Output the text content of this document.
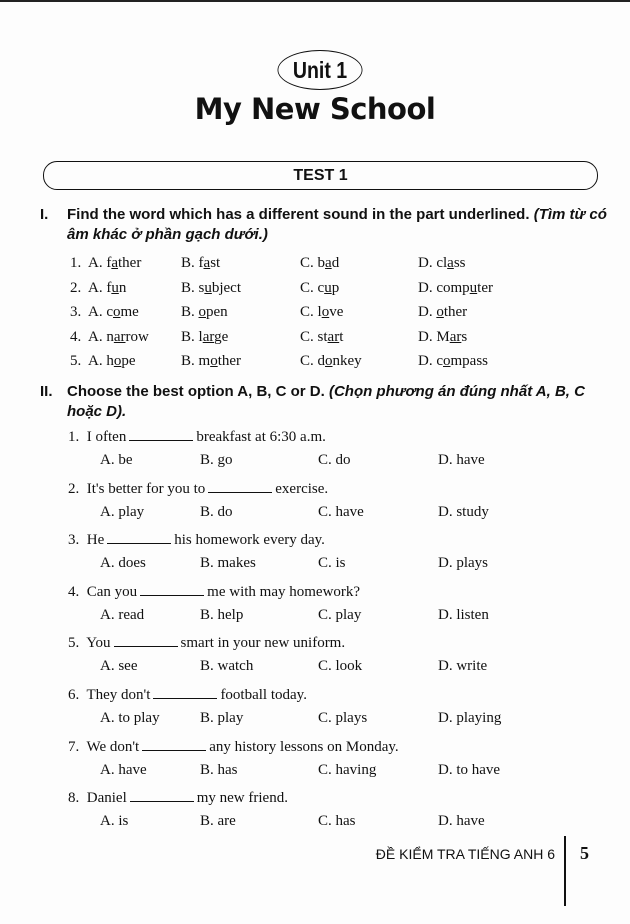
Unit 1
My New School
TEST 1
I. Find the word which has a different sound in the part underlined. (Tìm từ có âm khác ở phần gạch dưới.)
1. A. father	B. fast	C. bad	D. class
2. A. fun	B. subject	C. cup	D. computer
3. A. come	B. open	C. love	D. other
4. A. narrow B. large	C. start	D. Mars
5. A. hope	B. mother	C. donkey	D. compass
II. Choose the best option A, B, C or D. (Chọn phương án đúng nhất A, B, C hoặc D).
1. I often	breakfast at 6:30 a.m.
A. be	B. go	C. do	D. have
2. It's better for you to	exercise.
A. play	B. do	C. have	D. study
3. He	his homework every day.
A. does	B. makes	C. is	D. plays
4. Can you	me with may homework?
A. read	B. help	C. play	D. listen
5. You	smart in your new uniform.
A. see	B. watch	C. look	D. write
6. They don't	football today.
A. to play	B. play	C. plays	D. playing
7. We don't	any history lessons on Monday.
A. have	B. has	C. having	D. to have
8. Daniel	my new friend.
A. is	B. are	C. has	D. have
ĐỀ KIỂM TRA TIẾNG ANH 6 5
